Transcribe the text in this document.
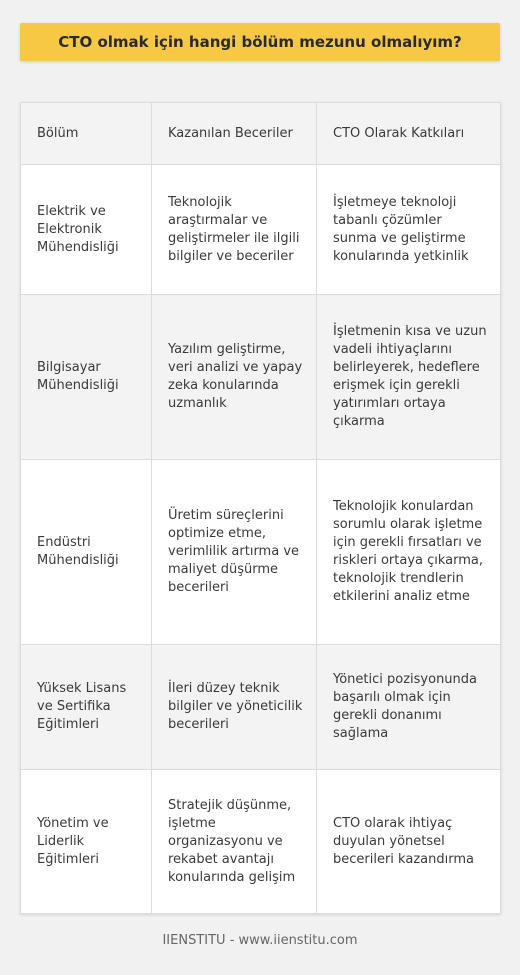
CTO olmak için hangi bölüm mezunu olmalıyım?
Bölüm	Kazanılan Beceriler	CTO Olarak Katkıları
Elektrik ve Elektronik Mühendisliği	Teknolojik araştırmalar ve geliştirmeler ile ilgili bilgiler ve beceriler	İşletmeye teknoloji tabanlı çözümler sunma ve geliştirme konularında yetkinlik
Bilgisayar Mühendisliği	Yazılım geliştirme, veri analizi ve yapay zeka konularında uzmanlık	İşletmenin kısa ve uzun vadeli ihtiyaçlarını belirleyerek, hedeflere erişmek için gerekli yatırımları ortaya çıkarma
Endüstri Mühendisliği	Üretim süreçlerini optimize etme, verimlilik artırma ve maliyet düşürme becerileri	Teknolojik konulardan sorumlu olarak işletme için gerekli fırsatları ve riskleri ortaya çıkarma, teknolojik trendlerin etkilerini analiz etme
Yüksek Lisans ve Sertifika Eğitimleri	İleri düzey teknik bilgiler ve yöneticilik becerileri	Yönetici pozisyonunda başarılı olmak için gerekli donanımı sağlama
Yönetim ve Liderlik Eğitimleri	Stratejik düşünme, işletme organizasyonu ve rekabet avantajı konularında gelişim	CTO olarak ihtiyaç duyulan yönetsel becerileri kazandırma
IIENSTITU - www.iienstitu.com
